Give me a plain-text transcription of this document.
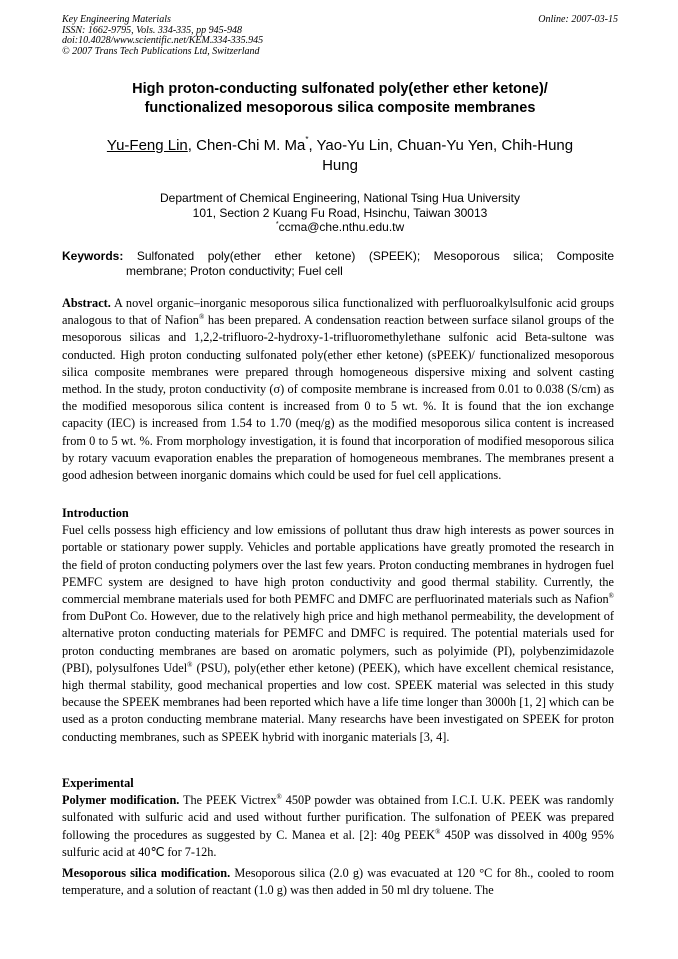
Key Engineering Materials
ISSN: 1662-9795, Vols. 334-335, pp 945-948
doi:10.4028/www.scientific.net/KEM.334-335.945
© 2007 Trans Tech Publications Ltd, Switzerland
Online: 2007-03-15
High proton-conducting sulfonated poly(ether ether ketone)/
functionalized mesoporous silica composite membranes
Yu-Feng Lin, Chen-Chi M. Ma*, Yao-Yu Lin, Chuan-Yu Yen, Chih-Hung
Hung
Department of Chemical Engineering, National Tsing Hua University
101, Section 2 Kuang Fu Road, Hsinchu, Taiwan 30013
*ccma@che.nthu.edu.tw
Keywords: Sulfonated poly(ether ether ketone) (SPEEK); Mesoporous silica; Composite
membrane; Proton conductivity; Fuel cell

Abstract. A novel organic–inorganic mesoporous silica functionalized with perfluoroalkylsulfonic acid groups analogous to that of Nafion® has been prepared. A condensation reaction between surface silanol groups of the mesoporous silicas and 1,2,2-trifluoro-2-hydroxy-1-trifluoromethylethane sulfonic acid Beta-sultone was conducted. High proton conducting sulfonated poly(ether ether ketone) (sPEEK)/ functionalized mesoporous silica composite membranes were prepared through homogeneous dispersive mixing and solvent casting method. In the study, proton conductivity (σ) of composite membrane is increased from 0.01 to 0.038 (S/cm) as the modified mesoporous silica content is increased from 0 to 5 wt. %. It is found that the ion exchange capacity (IEC) is increased from 1.54 to 1.70 (meq/g) as the modified mesoporous silica content is increased from 0 to 5 wt. %. From morphology investigation, it is found that incorporation of modified mesoporous silica by rotary vacuum evaporation enables the preparation of homogeneous membranes. The membranes present a good adhesion between inorganic domains which could be used for fuel cell applications.

Introduction

Fuel cells possess high efficiency and low emissions of pollutant thus draw high interests as power sources in portable or stationary power supply. Vehicles and portable applications have greatly promoted the research in the field of proton conducting polymers over the last few years. Proton conducting membranes in hydrogen fuel PEMFC system are designed to have high proton conductivity and good thermal stability. Currently, the commercial membrane materials used for both PEMFC and DMFC are perfluorinated materials such as Nafion® from DuPont Co. However, due to the relatively high price and high methanol permeability, the development of alternative proton conducting materials for PEMFC and DMFC is required. The potential materials used for proton conducting membranes are based on aromatic polymers, such as polyimide (PI), polybenzimidazole (PBI), polysulfones Udel® (PSU), poly(ether ether ketone) (PEEK), which have excellent chemical resistance, high thermal stability, good mechanical properties and low cost. SPEEK material was selected in this study because the SPEEK membranes had been reported which have a life time longer than 3000h [1, 2] which can be used as a proton conducting membrane material. Many researchs have been investigated on SPEEK for proton conducting membranes, such as SPEEK hybrid with inorganic materials [3, 4].

Experimental

Polymer modification. The PEEK Victrex® 450P powder was obtained from I.C.I. U.K. PEEK was randomly sulfonated with sulfuric acid and used without further purification. The sulfonation of PEEK was prepared following the procedures as suggested by C. Manea et al. [2]: 40g PEEK® 450P was dissolved in 400g 95% sulfuric acid at 40℃ for 7-12h.

Mesoporous silica modification. Mesoporous silica (2.0 g) was evacuated at 120 °C for 8h., cooled to room temperature, and a solution of reactant (1.0 g) was then added in 50 ml dry toluene. The
